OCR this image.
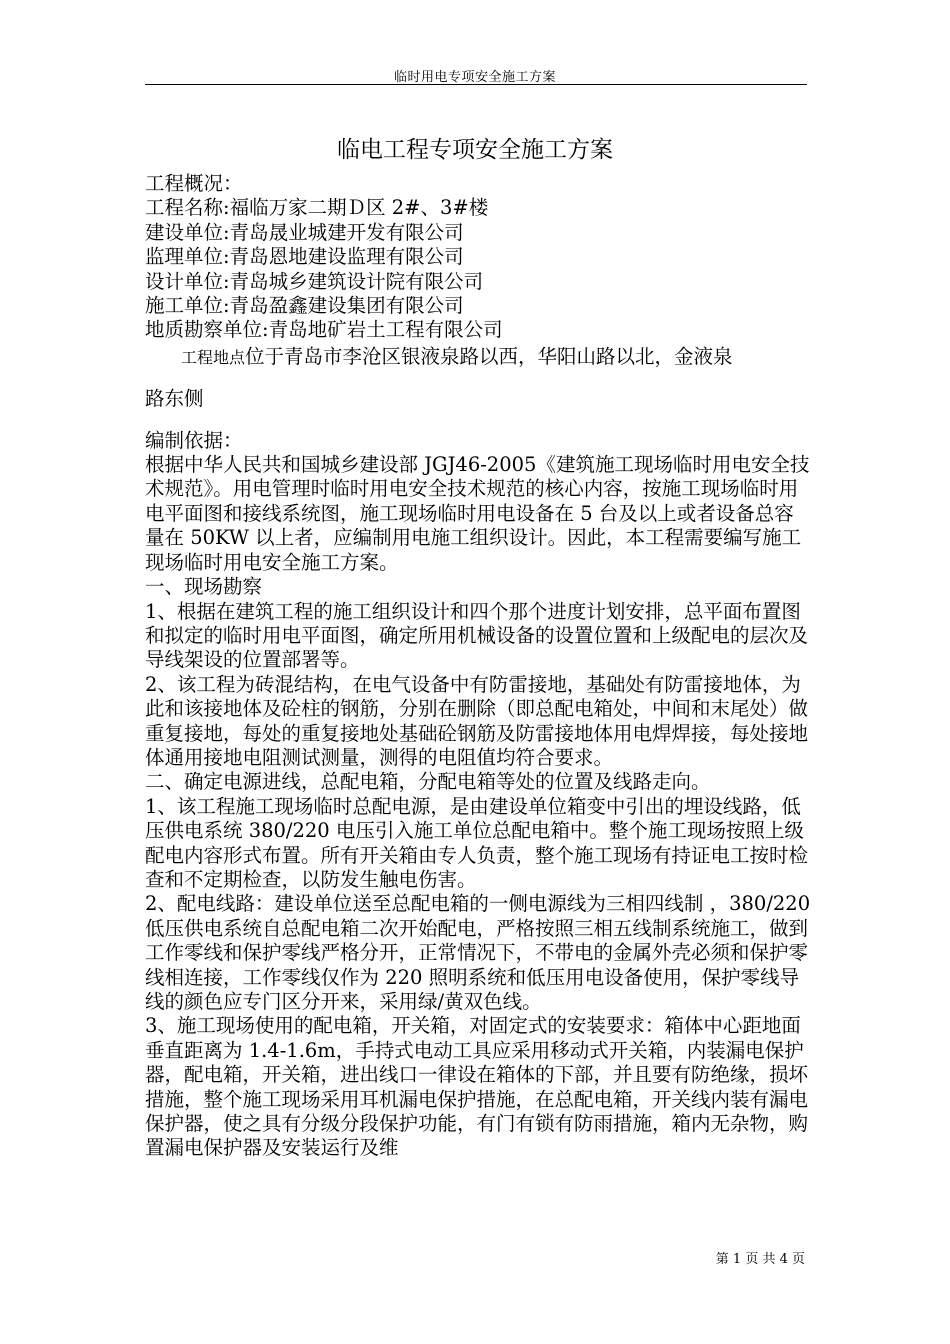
临时用电专项安全施工方案
临电工程专项安全施工方案

工程概况：

工程名称:福临万家二期Ｄ区 2#、3#楼

建设单位:青岛晟业城建开发有限公司

监理单位:青岛恩地建设监理有限公司

设计单位:青岛城乡建筑设计院有限公司

施工单位:青岛盈鑫建设集团有限公司

地质勘察单位:青岛地矿岩土工程有限公司

工程地点位于青岛市李沧区银液泉路以西，华阳山路以北，金液泉

路东侧

编制依据：

根据中华人民共和国城乡建设部 JGJ46-2005《建筑施工现场临时用电安全技术规范》。用电管理时临时用电安全技术规范的核心内容，按施工现场临时用电平面图和接线系统图，施工现场临时用电设备在 5 台及以上或者设备总容量在 50KW 以上者，应编制用电施工组织设计。因此，本工程需要编写施工现场临时用电安全施工方案。

一、现场勘察

1、根据在建筑工程的施工组织设计和四个那个进度计划安排，总平面布置图和拟定的临时用电平面图，确定所用机械设备的设置位置和上级配电的层次及导线架设的位置部署等。

2、该工程为砖混结构，在电气设备中有防雷接地，基础处有防雷接地体，为此和该接地体及砼柱的钢筋，分别在删除（即总配电箱处，中间和末尾处）做重复接地，每处的重复接地处基础砼钢筋及防雷接地体用电焊焊接，每处接地体通用接地电阻测试测量，测得的电阻值均符合要求。

二、确定电源进线，总配电箱，分配电箱等处的位置及线路走向。

1、该工程施工现场临时总配电源，是由建设单位箱变中引出的埋设线路，低压供电系统 380/220 电压引入施工单位总配电箱中。整个施工现场按照上级配电内容形式布置。所有开关箱由专人负责，整个施工现场有持证电工按时检查和不定期检查，以防发生触电伤害。

2、配电线路：建设单位送至总配电箱的一侧电源线为三相四线制 ，380/220 低压供电系统自总配电箱二次开始配电，严格按照三相五线制系统施工，做到工作零线和保护零线严格分开，正常情况下，不带电的金属外壳必须和保护零线相连接，工作零线仅作为 220 照明系统和低压用电设备使用，保护零线导线的颜色应专门区分开来，采用绿/黄双色线。

3、施工现场使用的配电箱，开关箱，对固定式的安装要求：箱体中心距地面垂直距离为 1.4-1.6m，手持式电动工具应采用移动式开关箱，内装漏电保护器，配电箱，开关箱，进出线口一律设在箱体的下部，并且要有防绝缘，损坏措施，整个施工现场采用耳机漏电保护措施，在总配电箱，开关线内装有漏电保护器，使之具有分级分段保护功能，有门有锁有防雨措施，箱内无杂物，购置漏电保护器及安装运行及维

第 1 页 共 4 页
